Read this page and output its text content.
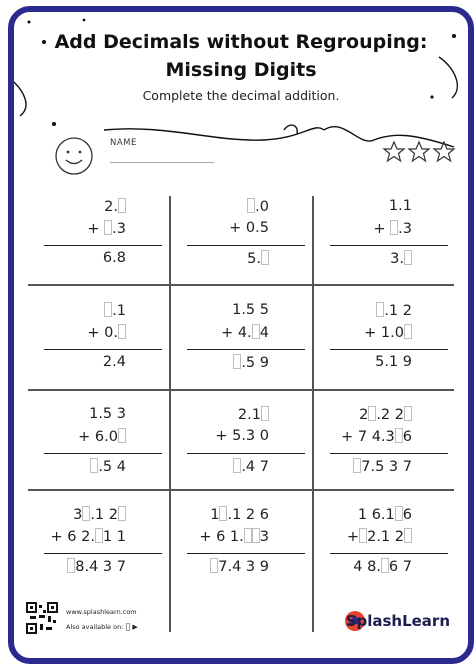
Add Decimals without Regrouping:
Missing Digits
Complete the decimal addition.
NAME
2.
+ .3
6.8
.0
+ 0.5
5.
1.1
+ .3
3.
.1
+ 0.
2.4
1.5 5
+ 4. 4
.5 9
.1 2
+ 1.0
5.1 9
1.5 3
+ 6.0
.5 4
2.1
+ 5.3 0
.4 7
2 .2 2
+ 7 4.3 6
7.5 3 7
3 .1 2
+ 6 2. 1 1
8.4 3 7
1 .1 2 6
+ 6 1. 3
7.4 3 9
1 6.1 6
+ 2.1 2
4 8. 6 7
www.splashlearn.com
Also available on: ▶	SplashLearn
